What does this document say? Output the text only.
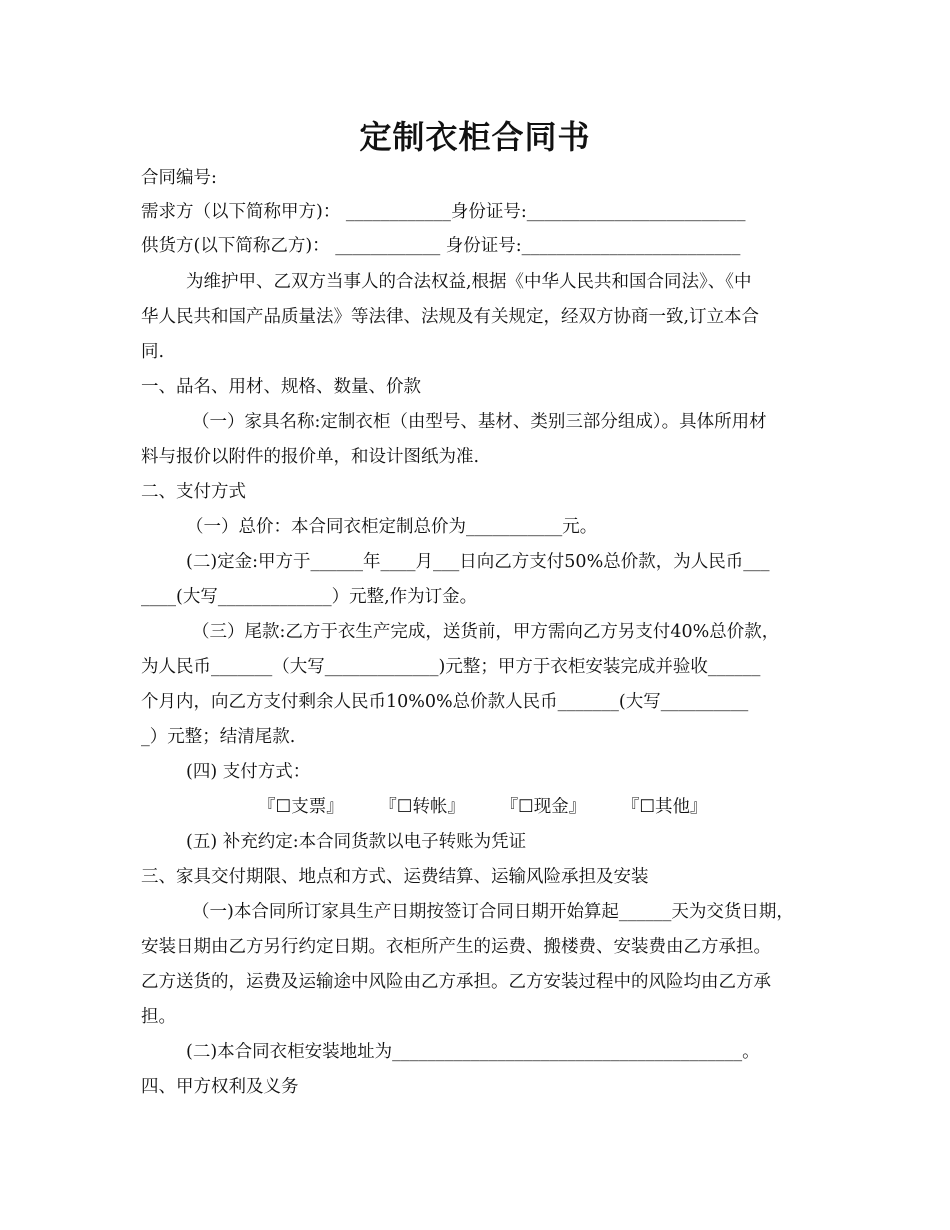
定制衣柜合同书
合同编号:
需求方（以下简称甲方)： ____________身份证号:_________________________
供货方(以下简称乙方)： ____________ 身份证号:_________________________
为维护甲、乙双方当事人的合法权益,根据《中华人民共和国合同法》、《中
华人民共和国产品质量法》等法律、法规及有关规定，经双方协商一致,订立本合
同.
一、品名、用材、规格、数量、价款
（一）家具名称:定制衣柜（由型号、基材、类别三部分组成）。具体所用材
料与报价以附件的报价单，和设计图纸为准.
二、支付方式
（一）总价：本合同衣柜定制总价为___________元。
(二)定金:甲方于______年____月___日向乙方支付50%总价款，为人民币___
____(大写_____________）元整,作为订金。
（三）尾款:乙方于衣生产完成，送货前，甲方需向乙方另支付40%总价款，
为人民币_______（大写_____________)元整；甲方于衣柜安装完成并验收______
个月内，向乙方支付剩余人民币10%0%总价款人民币_______(大写__________
_）元整；结清尾款.
(四) 支付方式：
『☐支票』 『☐转帐』 『☐现金』 『☐其他』
(五) 补充约定:本合同货款以电子转账为凭证
三、家具交付期限、地点和方式、运费结算、运输风险承担及安装
（一)本合同所订家具生产日期按签订合同日期开始算起______天为交货日期，
安装日期由乙方另行约定日期。衣柜所产生的运费、搬楼费、安装费由乙方承担。
乙方送货的，运费及运输途中风险由乙方承担。乙方安装过程中的风险均由乙方承
担。
(二)本合同衣柜安装地址为________________________________________。
四、甲方权利及义务
